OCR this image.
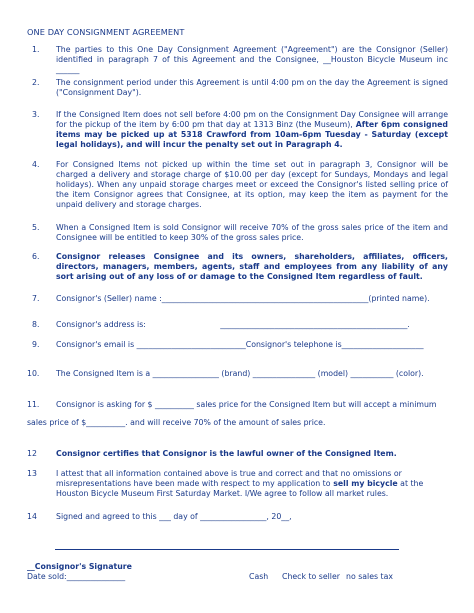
ONE DAY CONSIGNMENT AGREEMENT
1. The parties to this One Day Consignment Agreement ("Agreement") are the Consignor (Seller) identified in paragraph 7 of this Agreement and the Consignee, __Houston Bicycle Museum inc ______
2. The consignment period under this Agreement is until 4:00 pm on the day the Agreement is signed ("Consignment Day").
3. If the Consigned Item does not sell before 4:00 pm on the Consignment Day Consignee will arrange for the pickup of the item by 6:00 pm that day at 1313 Binz (the Museum), After 6pm consigned items may be picked up at 5318 Crawford from 10am-6pm Tuesday - Saturday (except legal holidays), and will incur the penalty set out in Paragraph 4.
4. For Consigned Items not picked up within the time set out in paragraph 3, Consignor will be charged a delivery and storage charge of $10.00 per day (except for Sundays, Mondays and legal holidays). When any unpaid storage charges meet or exceed the Consignor's listed selling price of the item Consignor agrees that Consignee, at its option, may keep the item as payment for the unpaid delivery and storage charges.
5. When a Consigned Item is sold Consignor will receive 70% of the gross sales price of the item and Consignee will be entitled to keep 30% of the gross sales price.
6. Consignor releases Consignee and its owners, shareholders, affiliates, officers, directors, managers, members, agents, staff and employees from any liability of any sort arising out of any loss of or damage to the Consigned Item regardless of fault.
7. Consignor's (Seller) name :_____________________________________________________(printed name).
8. Consignor's address is:                              ________________________________________________.
9. Consignor's email is ____________________________Consignor's telephone is_____________________
10. The Consigned Item is a _________________ (brand) ________________ (model) ___________ (color).
11. Consignor is asking for $ __________ sales price for the Consigned Item but will accept a minimum
sales price of $__________. and will receive 70% of the amount of sales price.
12 Consignor certifies that Consignor is the lawful owner of the Consigned Item.
13 I attest that all information contained above is true and correct and that no omissions or misrepresentations have been made with respect to my application to sell my bicycle at the Houston Bicycle Museum First Saturday Market. I/We agree to follow all market rules.
14 Signed and agreed to this ___ day of _________________, 20__,
__Consignor's Signature
Date sold:_______________	Cash Check to seller no sales tax
